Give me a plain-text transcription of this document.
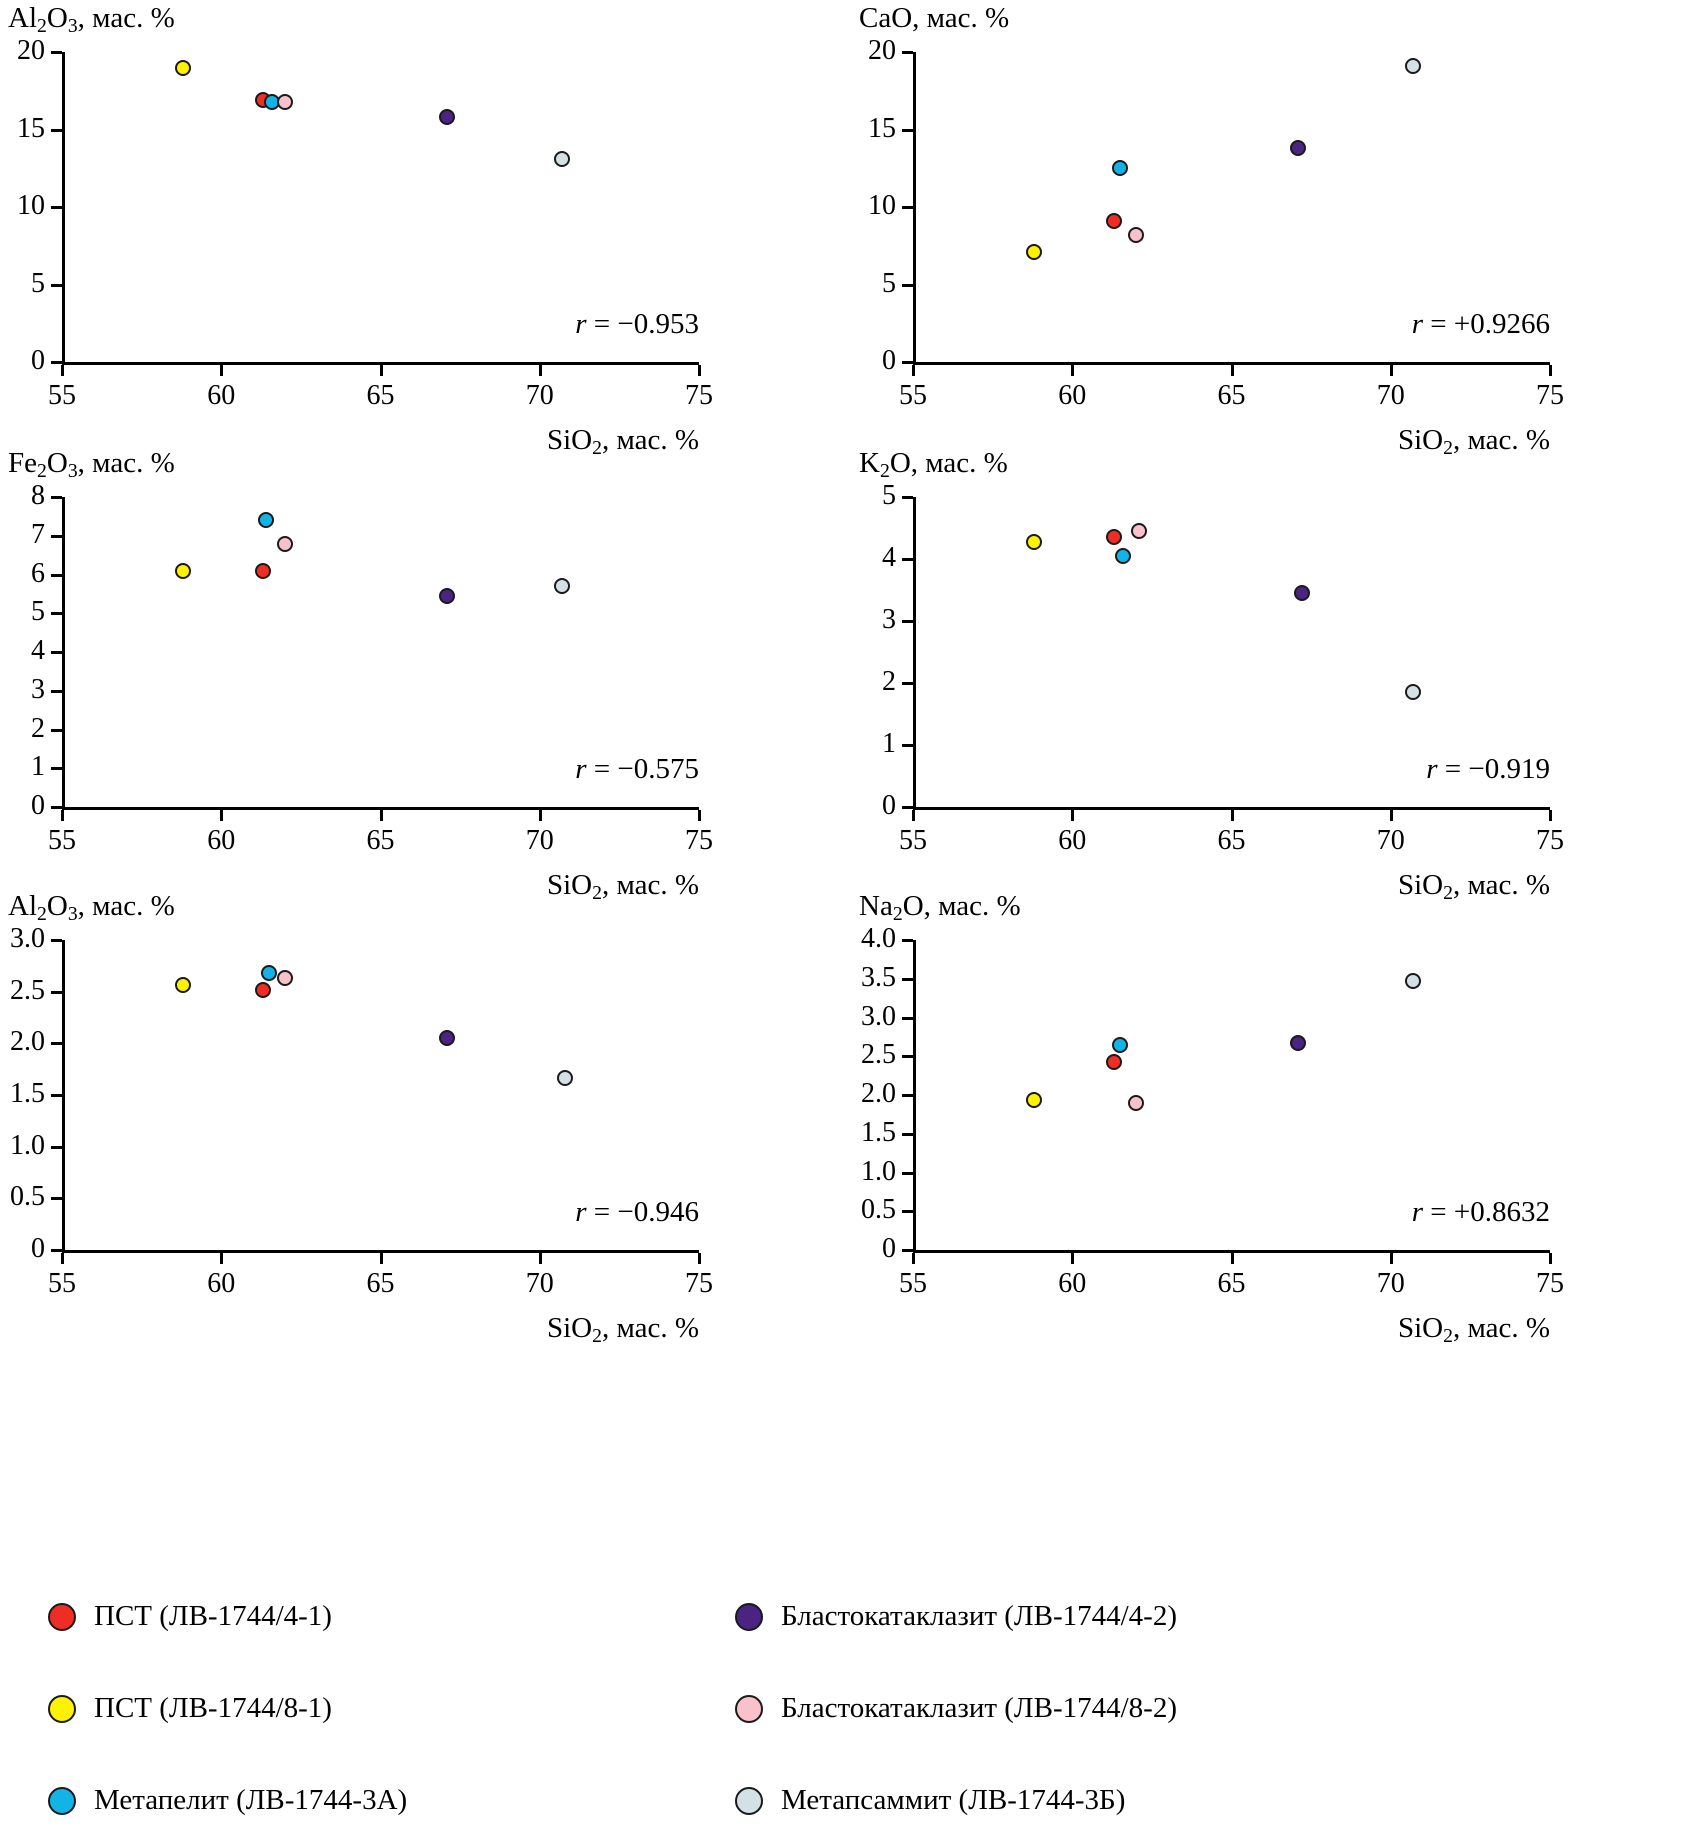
$Al_2O_3$, мас. %
0
5
10
15
20
55	60	65	70	75
r = −0.953
SiO$_2$, мас. %
CaO, мас. %
0
5
10
15
20
55	60	65	70	75
r = +0.9266
SiO$_2$, мас. %
$Fe_2O_3$, мас. %
0
1
2
3
4
5
6
7
8
55	60	65	70	75
r = −0.575
SiO$_2$, мас. %
$K_2O$, мас. %
0
1
2
3
4
5
55	60	65	70	75
r = −0.919
SiO$_2$, мас. %
$Al_2O_3$, мас. %
0
0.5
1.0
1.5
2.0
2.5
3.0
55	60	65	70	75
r = −0.946
SiO$_2$, мас. %
$Na_2O$, мас. %
0
0.5
1.0
1.5
2.0
2.5
3.0
3.5
4.0
55	60	65	70	75
r = +0.8632
SiO$_2$, мас. %
ПСТ (ЛВ-1744/4-1)	Бластокатаклазит (ЛВ-1744/4-2)
ПСТ (ЛВ-1744/8-1)	Бластокатаклазит (ЛВ-1744/8-2)
Метапелит (ЛВ-1744-3А)	Метапсаммит (ЛВ-1744-3Б)
